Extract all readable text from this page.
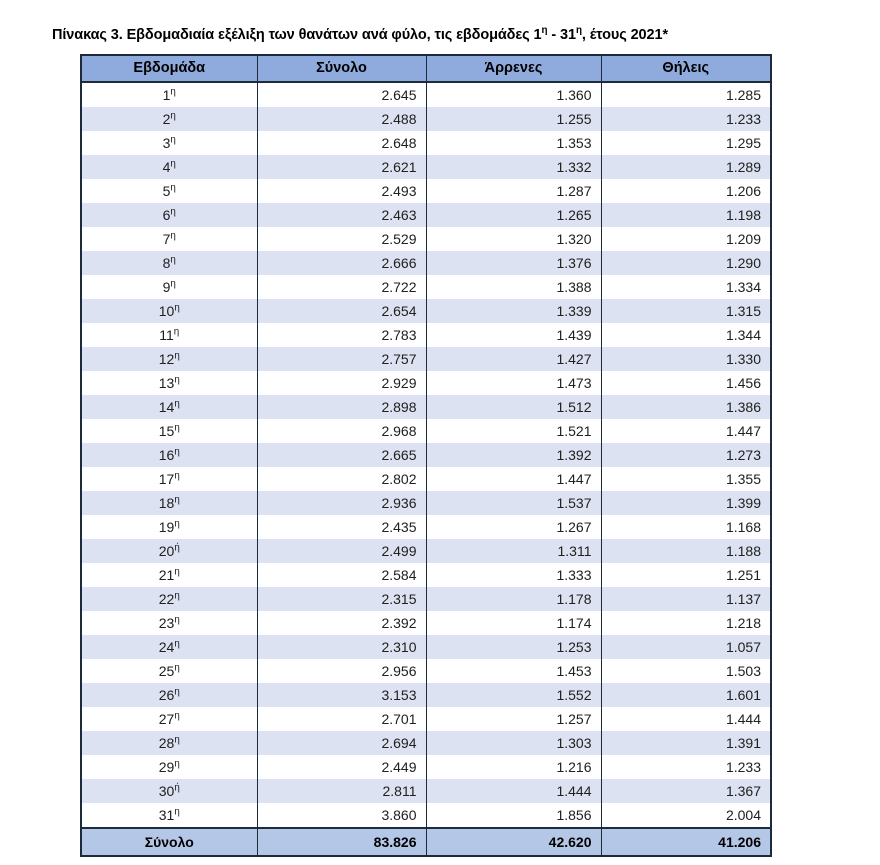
Πίνακας 3. Εβδομαδιαία εξέλιξη των θανάτων ανά φύλο, τις εβδομάδες $1^\eta - 31^\eta$, έτους 2021*
Εβδομάδα	Σύνολο	Άρρενες	Θήλεις
$1^\eta$	2.645	1.360	1.285
$2^\eta$	2.488	1.255	1.233
$3^\eta$	2.648	1.353	1.295
$4^\eta$	2.621	1.332	1.289
$5^\eta$	2.493	1.287	1.206
$6^\eta$	2.463	1.265	1.198
$7^\eta$	2.529	1.320	1.209
$8^\eta$	2.666	1.376	1.290
$9^\eta$	2.722	1.388	1.334
$10^\eta$	2.654	1.339	1.315
$11^\eta$	2.783	1.439	1.344
$12^\eta$	2.757	1.427	1.330
$13^\eta$	2.929	1.473	1.456
$14^\eta$	2.898	1.512	1.386
$15^\eta$	2.968	1.521	1.447
$16^\eta$	2.665	1.392	1.273
$17^\eta$	2.802	1.447	1.355
$18^\eta$	2.936	1.537	1.399
$19^\eta$	2.435	1.267	1.168
$20^ή$	2.499	1.311	1.188
$21^\eta$	2.584	1.333	1.251
$22^\eta$	2.315	1.178	1.137
$23^\eta$	2.392	1.174	1.218
$24^\eta$	2.310	1.253	1.057
$25^\eta$	2.956	1.453	1.503
$26^\eta$	3.153	1.552	1.601
$27^\eta$	2.701	1.257	1.444
$28^\eta$	2.694	1.303	1.391
$29^\eta$	2.449	1.216	1.233
$30^ή$	2.811	1.444	1.367
$31^\eta$	3.860	1.856	2.004
Σύνολο	83.826	42.620	41.206
